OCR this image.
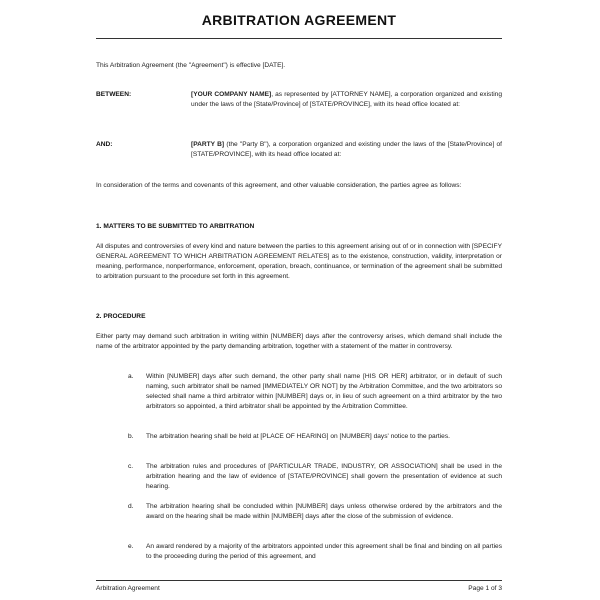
ARBITRATION AGREEMENT
This Arbitration Agreement (the "Agreement") is effective [DATE].
BETWEEN:	[YOUR COMPANY NAME], as represented by [ATTORNEY NAME], a corporation organized and existing under the laws of the [State/Province] of [STATE/PROVINCE], with its head office located at:
AND:	[PARTY B] (the "Party B"), a corporation organized and existing under the laws of the [State/Province] of [STATE/PROVINCE], with its head office located at:
In consideration of the terms and covenants of this agreement, and other valuable consideration, the parties agree as follows:
1. MATTERS TO BE SUBMITTED TO ARBITRATION
All disputes and controversies of every kind and nature between the parties to this agreement arising out of or in connection with [SPECIFY GENERAL AGREEMENT TO WHICH ARBITRATION AGREEMENT RELATES] as to the existence, construction, validity, interpretation or meaning, performance, nonperformance, enforcement, operation, breach, continuance, or termination of the agreement shall be submitted to arbitration pursuant to the procedure set forth in this agreement.
2. PROCEDURE
Either party may demand such arbitration in writing within [NUMBER] days after the controversy arises, which demand shall include the name of the arbitrator appointed by the party demanding arbitration, together with a statement of the matter in controversy.
a. Within [NUMBER] days after such demand, the other party shall name [HIS OR HER] arbitrator, or in default of such naming, such arbitrator shall be named [IMMEDIATELY OR NOT] by the Arbitration Committee, and the two arbitrators so selected shall name a third arbitrator within [NUMBER] days or, in lieu of such agreement on a third arbitrator by the two arbitrators so appointed, a third arbitrator shall be appointed by the Arbitration Committee.
b. The arbitration hearing shall be held at [PLACE OF HEARING] on [NUMBER] days' notice to the parties.
c. The arbitration rules and procedures of [PARTICULAR TRADE, INDUSTRY, OR ASSOCIATION] shall be used in the arbitration hearing and the law of evidence of [STATE/PROVINCE] shall govern the presentation of evidence at such hearing.
d. The arbitration hearing shall be concluded within [NUMBER] days unless otherwise ordered by the arbitrators and the award on the hearing shall be made within [NUMBER] days after the close of the submission of evidence.
e. An award rendered by a majority of the arbitrators appointed under this agreement shall be final and binding on all parties to the proceeding during the period of this agreement, and
Arbitration Agreement	Page 1 of 3
